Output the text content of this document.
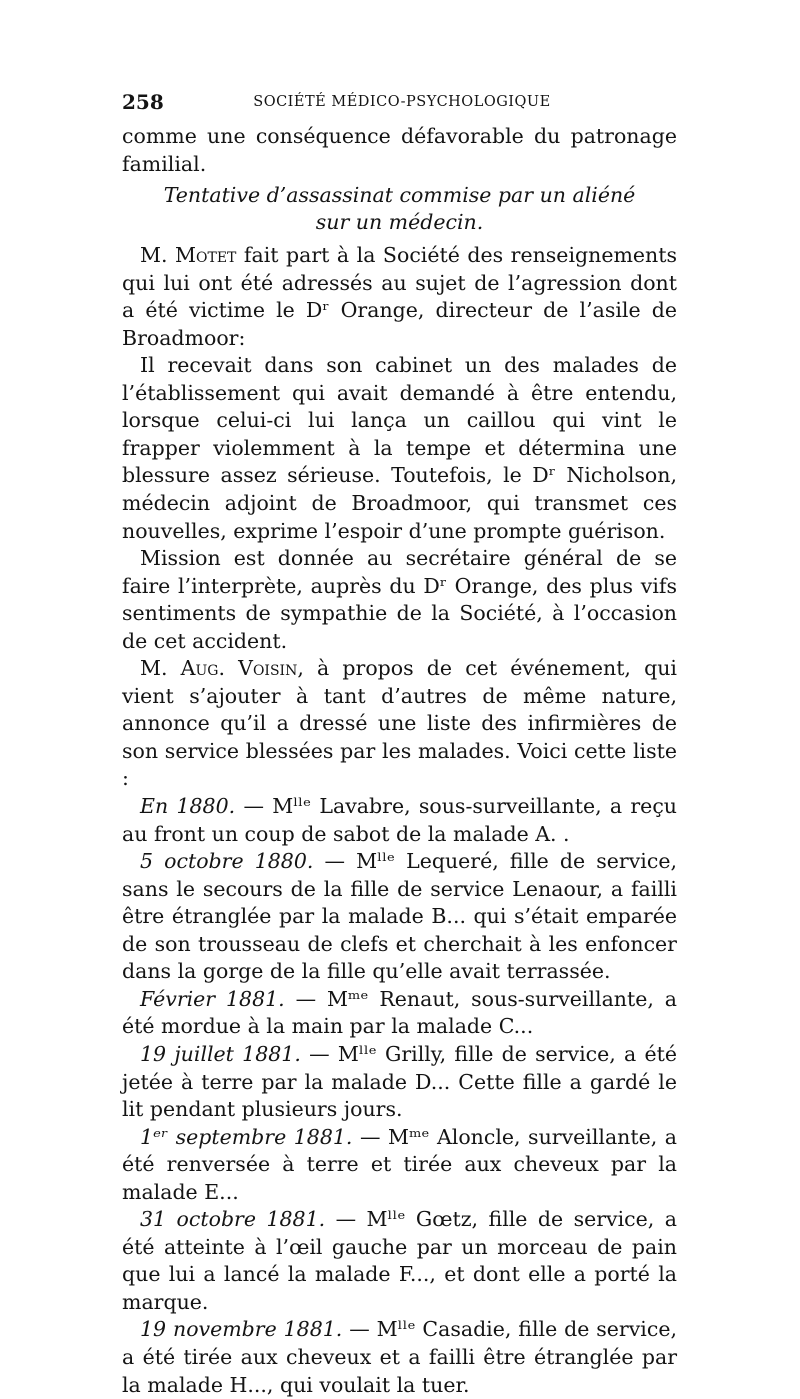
258	SOCIÉTÉ MÉDICO-PSYCHOLOGIQUE

comme une conséquence défavorable du patronage familial.

Tentative d’assassinat commise par un aliéné
sur un médecin.

M. Motet fait part à la Société des renseignements qui lui ont été adressés au sujet de l’agression dont a été victime le Dʳ Orange, directeur de l’asile de Broadmoor:

Il recevait dans son cabinet un des malades de l’établissement qui avait demandé à être entendu, lorsque celui-ci lui lança un caillou qui vint le frapper violemment à la tempe et détermina une blessure assez sérieuse. Toutefois, le Dʳ Nicholson, médecin adjoint de Broadmoor, qui transmet ces nouvelles, exprime l’espoir d’une prompte guérison.

Mission est donnée au secrétaire général de se faire l’interprète, auprès du Dʳ Orange, des plus vifs sentiments de sympathie de la Société, à l’occasion de cet accident.

M. Aug. Voisin, à propos de cet événement, qui vient s’ajouter à tant d’autres de même nature, annonce qu’il a dressé une liste des infirmières de son service blessées par les malades. Voici cette liste :

En 1880. — Mˡˡᵉ Lavabre, sous-surveillante, a reçu au front un coup de sabot de la malade A. .

5 octobre 1880. — Mˡˡᵉ Lequeré, fille de service, sans le secours de la fille de service Lenaour, a failli être étranglée par la malade B... qui s’était emparée de son trousseau de clefs et cherchait à les enfoncer dans la gorge de la fille qu’elle avait terrassée.

Février 1881. — Mᵐᵉ Renaut, sous-surveillante, a été mordue à la main par la malade C...

19 juillet 1881. — Mˡˡᵉ Grilly, fille de service, a été jetée à terre par la malade D... Cette fille a gardé le lit pendant plusieurs jours.

1ᵉʳ septembre 1881. — Mᵐᵉ Aloncle, surveillante, a été renversée à terre et tirée aux cheveux par la malade E...

31 octobre 1881. — Mˡˡᵉ Gœtz, fille de service, a été atteinte à l’œil gauche par un morceau de pain que lui a lancé la malade F..., et dont elle a porté la marque.

19 novembre 1881. — Mˡˡᵉ Casadie, fille de service, a été tirée aux cheveux et a failli être étranglée par la malade H..., qui voulait la tuer.
